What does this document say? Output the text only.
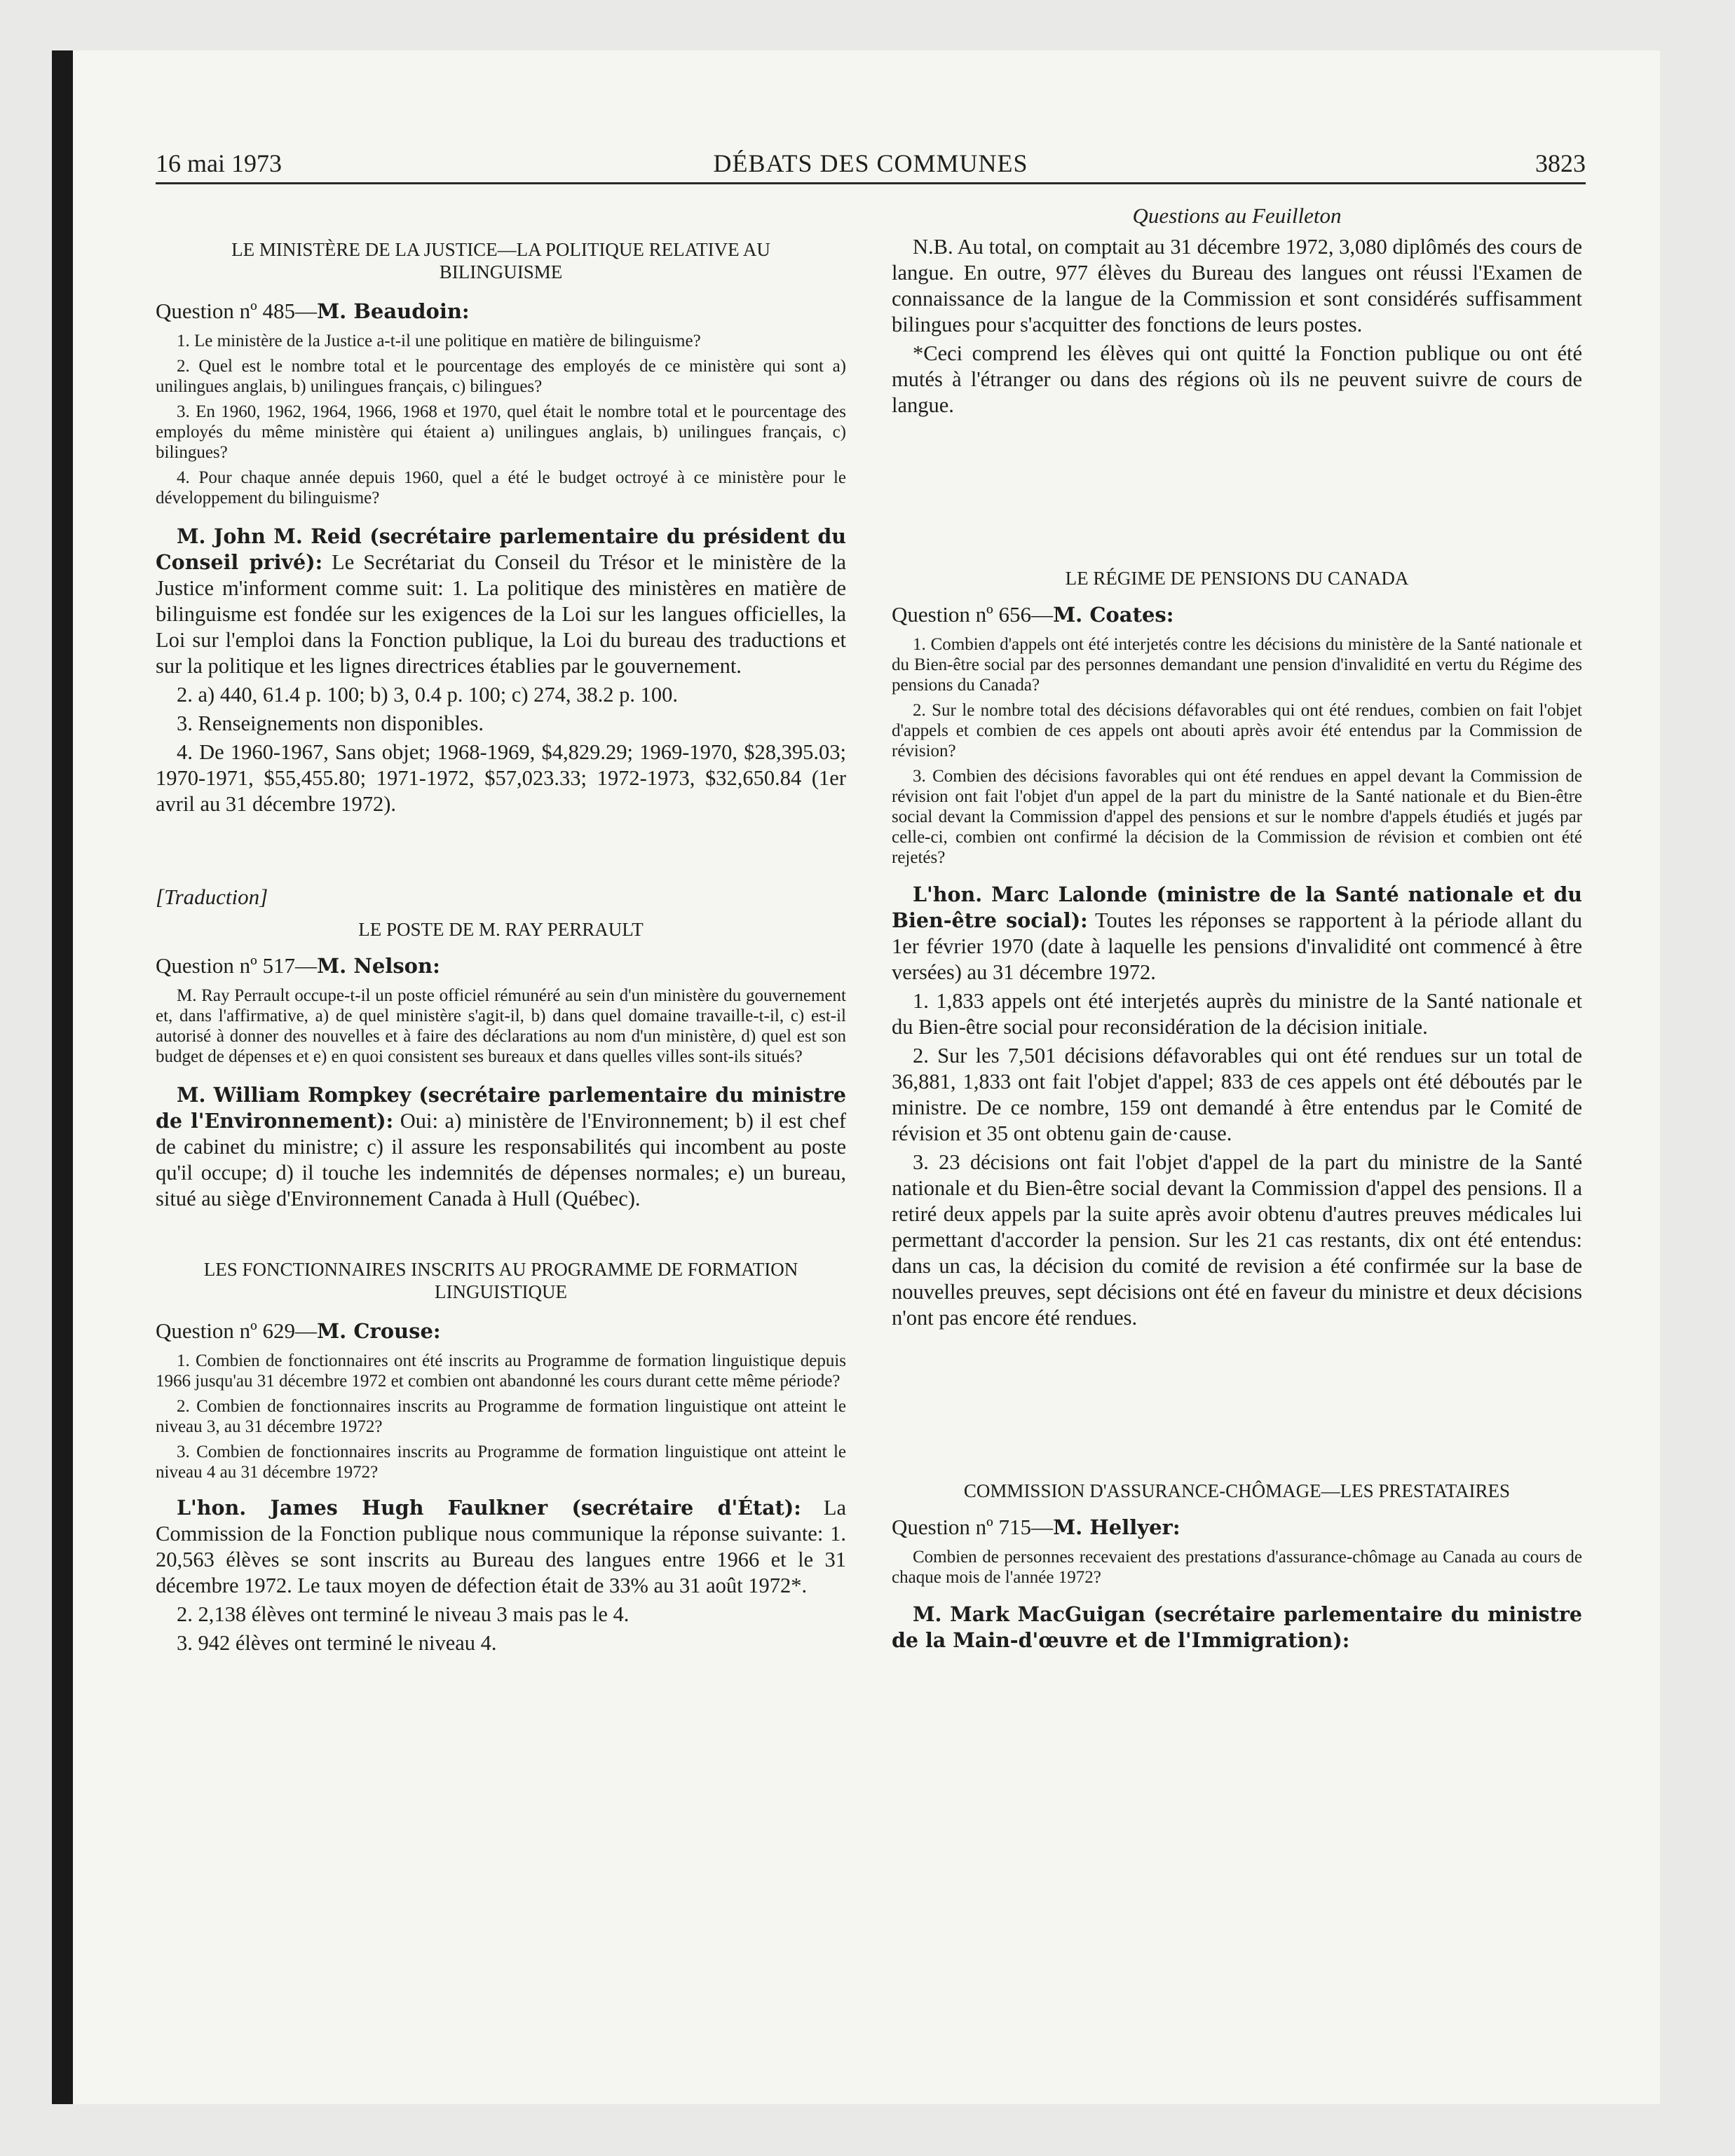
16 mai 1973	DÉBATS DES COMMUNES	3823
LE MINISTÈRE DE LA JUSTICE—LA POLITIQUE RELATIVE AU BILINGUISME
Question nº 485—M. Beaudoin:

1. Le ministère de la Justice a-t-il une politique en matière de bilinguisme?

2. Quel est le nombre total et le pourcentage des employés de ce ministère qui sont a) unilingues anglais, b) unilingues français, c) bilingues?

3. En 1960, 1962, 1964, 1966, 1968 et 1970, quel était le nombre total et le pourcentage des employés du même ministère qui étaient a) unilingues anglais, b) unilingues français, c) bilingues?

4. Pour chaque année depuis 1960, quel a été le budget octroyé à ce ministère pour le développement du bilinguisme?

M. John M. Reid (secrétaire parlementaire du président du Conseil privé): Le Secrétariat du Conseil du Trésor et le ministère de la Justice m'informent comme suit: 1. La politique des ministères en matière de bilinguisme est fondée sur les exigences de la Loi sur les langues officielles, la Loi sur l'emploi dans la Fonction publique, la Loi du bureau des traductions et sur la politique et les lignes directrices établies par le gouvernement.

2. a) 440, 61.4 p. 100; b) 3, 0.4 p. 100; c) 274, 38.2 p. 100.

3. Renseignements non disponibles.

4. De 1960-1967, Sans objet; 1968-1969, $4,829.29; 1969-1970, $28,395.03; 1970-1971, $55,455.80; 1971-1972, $57,023.33; 1972-1973, $32,650.84 (1er avril au 31 décembre 1972).

[Traduction]

LE POSTE DE M. RAY PERRAULT
Question nº 517—M. Nelson:

M. Ray Perrault occupe-t-il un poste officiel rémunéré au sein d'un ministère du gouvernement et, dans l'affirmative, a) de quel ministère s'agit-il, b) dans quel domaine travaille-t-il, c) est-il autorisé à donner des nouvelles et à faire des déclarations au nom d'un ministère, d) quel est son budget de dépenses et e) en quoi consistent ses bureaux et dans quelles villes sont-ils situés?

M. William Rompkey (secrétaire parlementaire du ministre de l'Environnement): Oui: a) ministère de l'Environnement; b) il est chef de cabinet du ministre; c) il assure les responsabilités qui incombent au poste qu'il occupe; d) il touche les indemnités de dépenses normales; e) un bureau, situé au siège d'Environnement Canada à Hull (Québec).

LES FONCTIONNAIRES INSCRITS AU PROGRAMME DE FORMATION LINGUISTIQUE
Question nº 629—M. Crouse:

1. Combien de fonctionnaires ont été inscrits au Programme de formation linguistique depuis 1966 jusqu'au 31 décembre 1972 et combien ont abandonné les cours durant cette même période?

2. Combien de fonctionnaires inscrits au Programme de formation linguistique ont atteint le niveau 3, au 31 décembre 1972?

3. Combien de fonctionnaires inscrits au Programme de formation linguistique ont atteint le niveau 4 au 31 décembre 1972?

L'hon. James Hugh Faulkner (secrétaire d'État): La Commission de la Fonction publique nous communique la réponse suivante: 1. 20,563 élèves se sont inscrits au Bureau des langues entre 1966 et le 31 décembre 1972. Le taux moyen de défection était de 33% au 31 août 1972*.

2. 2,138 élèves ont terminé le niveau 3 mais pas le 4.

3. 942 élèves ont terminé le niveau 4.

Questions au Feuilleton

N.B. Au total, on comptait au 31 décembre 1972, 3,080 diplômés des cours de langue. En outre, 977 élèves du Bureau des langues ont réussi l'Examen de connaissance de la langue de la Commission et sont considérés suffisamment bilingues pour s'acquitter des fonctions de leurs postes.

*Ceci comprend les élèves qui ont quitté la Fonction publique ou ont été mutés à l'étranger ou dans des régions où ils ne peuvent suivre de cours de langue.

LE RÉGIME DE PENSIONS DU CANADA
Question nº 656—M. Coates:

1. Combien d'appels ont été interjetés contre les décisions du ministère de la Santé nationale et du Bien-être social par des personnes demandant une pension d'invalidité en vertu du Régime des pensions du Canada?

2. Sur le nombre total des décisions défavorables qui ont été rendues, combien on fait l'objet d'appels et combien de ces appels ont abouti après avoir été entendus par la Commission de révision?

3. Combien des décisions favorables qui ont été rendues en appel devant la Commission de révision ont fait l'objet d'un appel de la part du ministre de la Santé nationale et du Bien-être social devant la Commission d'appel des pensions et sur le nombre d'appels étudiés et jugés par celle-ci, combien ont confirmé la décision de la Commission de révision et combien ont été rejetés?

L'hon. Marc Lalonde (ministre de la Santé nationale et du Bien-être social): Toutes les réponses se rapportent à la période allant du 1er février 1970 (date à laquelle les pensions d'invalidité ont commencé à être versées) au 31 décembre 1972.

1. 1,833 appels ont été interjetés auprès du ministre de la Santé nationale et du Bien-être social pour reconsidération de la décision initiale.

2. Sur les 7,501 décisions défavorables qui ont été rendues sur un total de 36,881, 1,833 ont fait l'objet d'appel; 833 de ces appels ont été déboutés par le ministre. De ce nombre, 159 ont demandé à être entendus par le Comité de révision et 35 ont obtenu gain de·cause.

3. 23 décisions ont fait l'objet d'appel de la part du ministre de la Santé nationale et du Bien-être social devant la Commission d'appel des pensions. Il a retiré deux appels par la suite après avoir obtenu d'autres preuves médicales lui permettant d'accorder la pension. Sur les 21 cas restants, dix ont été entendus: dans un cas, la décision du comité de revision a été confirmée sur la base de nouvelles preuves, sept décisions ont été en faveur du ministre et deux décisions n'ont pas encore été rendues.

COMMISSION D'ASSURANCE-CHÔMAGE—LES PRESTATAIRES
Question nº 715—M. Hellyer:

Combien de personnes recevaient des prestations d'assurance-chômage au Canada au cours de chaque mois de l'année 1972?

M. Mark MacGuigan (secrétaire parlementaire du ministre de la Main-d'œuvre et de l'Immigration):
